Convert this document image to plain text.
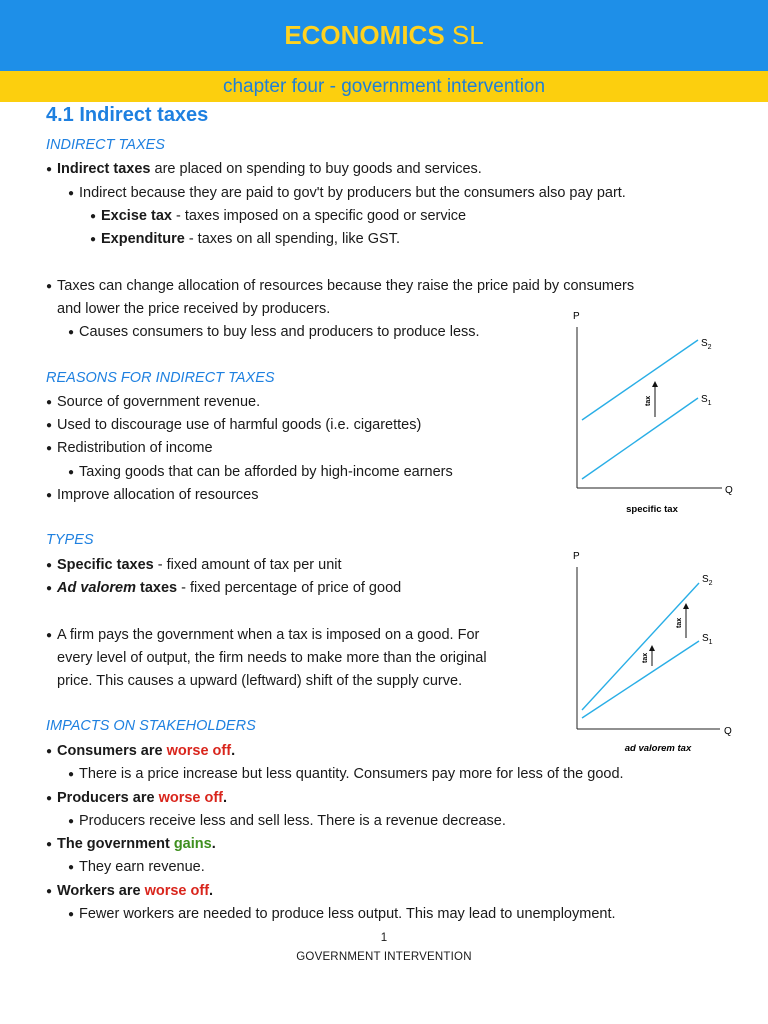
ECONOMICS SL
chapter four - government intervention
4.1 Indirect taxes
INDIRECT TAXES
● Indirect taxes are placed on spending to buy goods and services.
● Indirect because they are paid to gov't by producers but the consumers also pay part.
● Excise tax - taxes imposed on a specific good or service
● Expenditure - taxes on all spending, like GST.
● Taxes can change allocation of resources because they raise the price paid by consumers
and lower the price received by producers.
● Causes consumers to buy less and producers to produce less.
REASONS FOR INDIRECT TAXES
● Source of government revenue.
● Used to discourage use of harmful goods (i.e. cigarettes)
● Redistribution of income
● Taxing goods that can be afforded by high-income earners
● Improve allocation of resources
TYPES
● Specific taxes - fixed amount of tax per unit
● Ad valorem taxes - fixed percentage of price of good
● A firm pays the government when a tax is imposed on a good. For
every level of output, the firm needs to make more than the original
price. This causes a upward (leftward) shift of the supply curve.
IMPACTS ON STAKEHOLDERS
● Consumers are worse off.
● There is a price increase but less quantity. Consumers pay more for less of the good.
● Producers are worse off.
● Producers receive less and sell less. There is a revenue decrease.
● The government gains.
● They earn revenue.
● Workers are worse off.
● Fewer workers are needed to produce less output. This may lead to unemployment.
P
Q
$S_2$
$S_1$
tax
specific tax
P
Q
$S_2$
$S_1$
tax
tax
ad valorem tax
1
GOVERNMENT INTERVENTION
